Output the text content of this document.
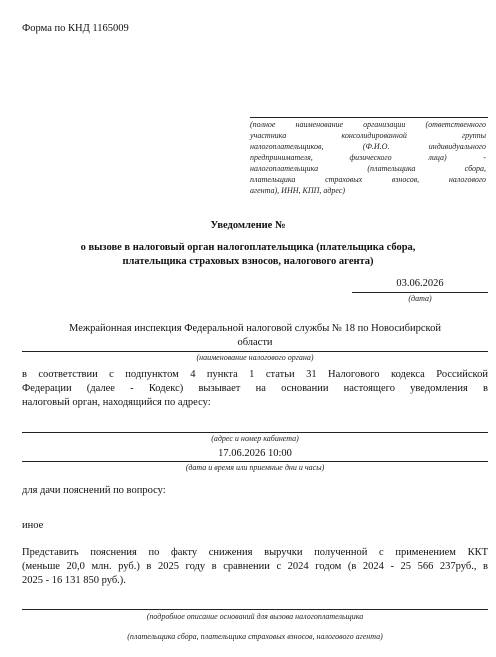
Форма по КНД 1165009
(полное наименование организации (ответственного
участника консолидированной группы
налогоплательщиков, (Ф.И.О. индивидуального
предпринимателя, физического лица) -
налогоплательщика (плательщика сбора,
плательщика страховых взносов, налогового
агента), ИНН, КПП, адрес)
Уведомление №
о вызове в налоговый орган налогоплательщика (плательщика сбора,
плательщика страховых взносов, налогового агента)
03.06.2026
(дата)
Межрайонная инспекция Федеральной налоговой службы № 18 по Новосибирской
области
(наименование налогового органа)
в соответствии с подпунктом 4 пункта 1 статьи 31 Налогового кодекса Российской
Федерации (далее - Кодекс) вызывает на основании настоящего уведомления в
налоговый орган, находящийся по адресу:
(адрес и номер кабинета)
17.06.2026 10:00
(дата и время или приемные дни и часы)
для дачи пояснений по вопросу:
иное
Представить пояснения по факту снижения выручки полученной с применением ККТ
(меньше 20,0 млн. руб.) в 2025 году в сравнении с 2024 годом (в 2024 - 25 566 237руб., в
2025 - 16 131 850 руб.).
(подробное описание оснований для вызова налогоплательщика
(плательщика сбора, плательщика страховых взносов, налогового агента)
